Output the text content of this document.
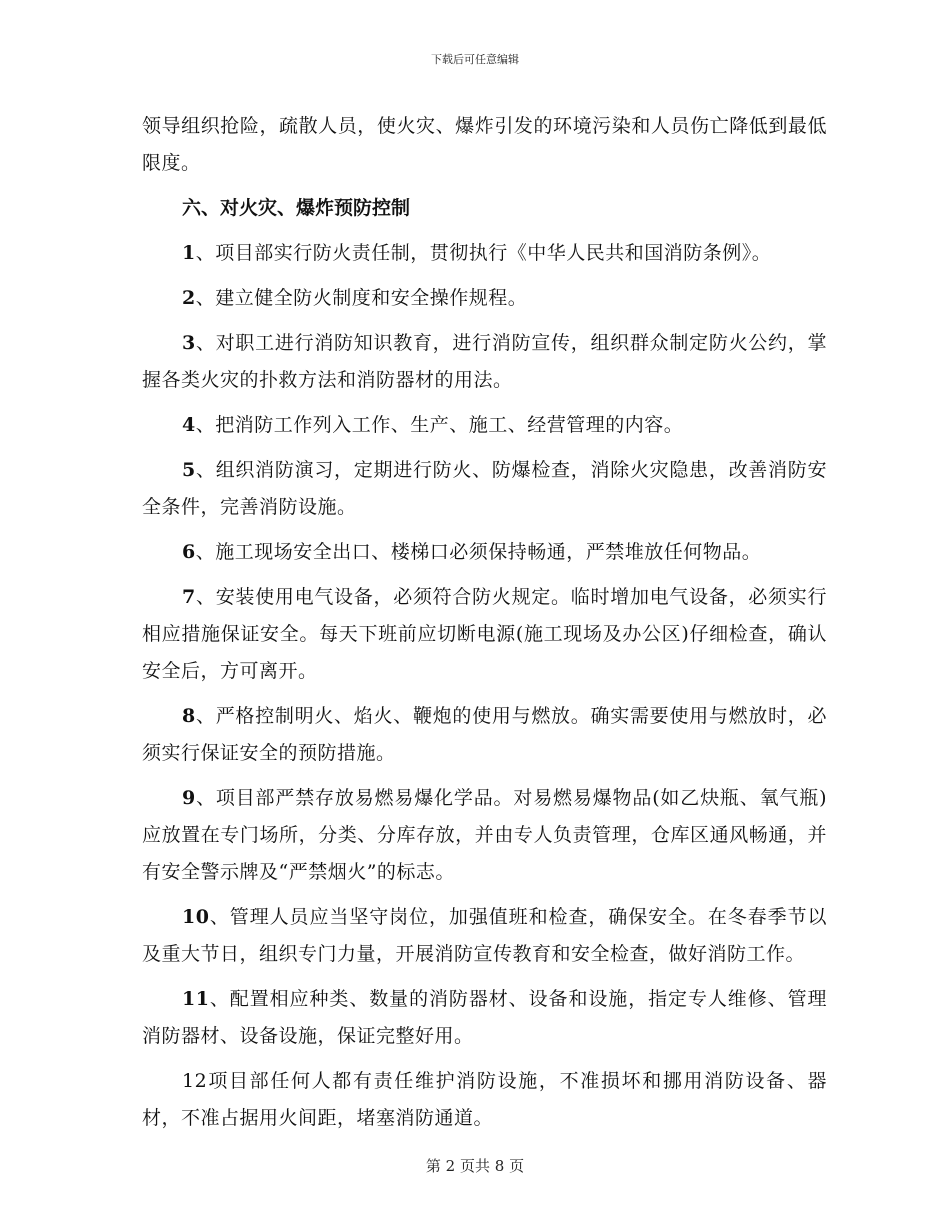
下载后可任意编辑

领导组织抢险，疏散人员，使火灾、爆炸引发的环境污染和人员伤亡降低到最低限度。

六、对火灾、爆炸预防控制

1、项目部实行防火责任制，贯彻执行《中华人民共和国消防条例》。

2、建立健全防火制度和安全操作规程。

3、对职工进行消防知识教育，进行消防宣传，组织群众制定防火公约，掌握各类火灾的扑救方法和消防器材的用法。

4、把消防工作列入工作、生产、施工、经营管理的内容。

5、组织消防演习，定期进行防火、防爆检查，消除火灾隐患，改善消防安全条件，完善消防设施。

6、施工现场安全出口、楼梯口必须保持畅通，严禁堆放任何物品。

7、安装使用电气设备，必须符合防火规定。临时增加电气设备，必须实行相应措施保证安全。每天下班前应切断电源(施工现场及办公区)仔细检查，确认安全后，方可离开。

8、严格控制明火、焰火、鞭炮的使用与燃放。确实需要使用与燃放时，必须实行保证安全的预防措施。

9、项目部严禁存放易燃易爆化学品。对易燃易爆物品(如乙炔瓶、氧气瓶)应放置在专门场所，分类、分库存放，并由专人负责管理，仓库区通风畅通，并有安全警示牌及“严禁烟火”的标志。

10、管理人员应当坚守岗位，加强值班和检查，确保安全。在冬春季节以及重大节日，组织专门力量，开展消防宣传教育和安全检查，做好消防工作。

11、配置相应种类、数量的消防器材、设备和设施，指定专人维修、管理消防器材、设备设施，保证完整好用。

12项目部任何人都有责任维护消防设施，不准损坏和挪用消防设备、器材，不准占据用火间距，堵塞消防通道。

第 2 页共 8 页
